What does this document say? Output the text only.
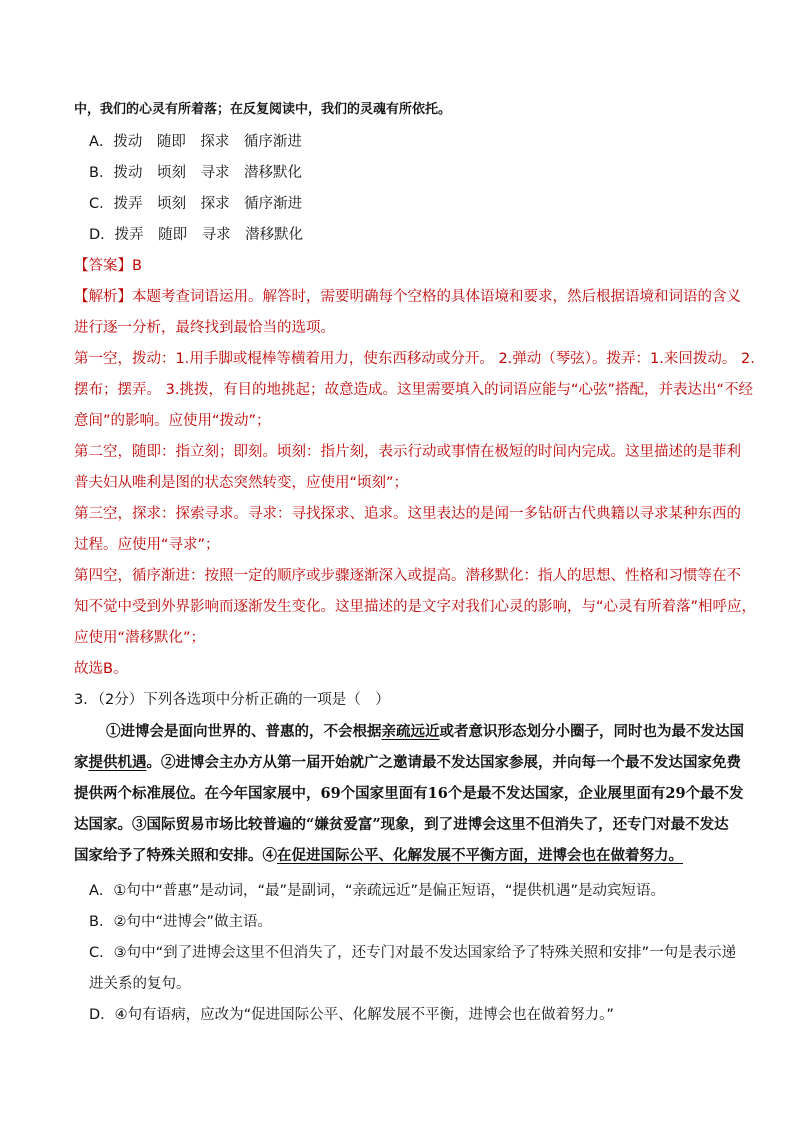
中，我们的心灵有所着落；在反复阅读中，我们的灵魂有所依托。
A．拨动　随即　探求　循序渐进
B．拨动　顷刻　寻求　潜移默化
C．拨弄　顷刻　探求　循序渐进
D．拨弄　随即　寻求　潜移默化
【答案】B
【解析】本题考查词语运用。解答时，需要明确每个空格的具体语境和要求，然后根据语境和词语的含义
进行逐一分析，最终找到最恰当的选项。
第一空，拨动：1.用手脚或棍棒等横着用力，使东西移动或分开。 2.弹动（琴弦）。拨弄：1.来回拨动。 2.
摆布；摆弄。 3.挑拨，有目的地挑起；故意造成。这里需要填入的词语应能与“心弦”搭配，并表达出“不经
意间”的影响。应使用“拨动”；
第二空，随即：指立刻；即刻。顷刻：指片刻，表示行动或事情在极短的时间内完成。这里描述的是菲利
普夫妇从唯利是图的状态突然转变，应使用“顷刻”；
第三空，探求：探索寻求。寻求：寻找探求、追求。这里表达的是闻一多钻研古代典籍以寻求某种东西的
过程。应使用“寻求”；
第四空，循序渐进：按照一定的顺序或步骤逐渐深入或提高。潜移默化：指人的思想、性格和习惯等在不
知不觉中受到外界影响而逐渐发生变化。这里描述的是文字对我们心灵的影响，与“心灵有所着落”相呼应，
应使用“潜移默化”；
故选B。
3．（2分）下列各选项中分析正确的一项是（　）
①进博会是面向世界的、普惠的，不会根据亲疏远近或者意识形态划分小圈子，同时也为最不发达国
家提供机遇。②进博会主办方从第一届开始就广之邀请最不发达国家参展，并向每一个最不发达国家免费
提供两个标准展位。在今年国家展中，69个国家里面有16个是最不发达国家，企业展里面有29个最不发
达国家。③国际贸易市场比较普遍的“嫌贫爱富”现象，到了进博会这里不但消失了，还专门对最不发达
国家给予了特殊关照和安排。④在促进国际公平、化解发展不平衡方面，进博会也在做着努力。
A．①句中“普惠”是动词，“最”是副词，“亲疏远近”是偏正短语，“提供机遇”是动宾短语。
B．②句中“进博会”做主语。
C．③句中“到了进博会这里不但消失了，还专门对最不发达国家给予了特殊关照和安排”一句是表示递
进关系的复句。
D．④句有语病，应改为“促进国际公平、化解发展不平衡，进博会也在做着努力。”
